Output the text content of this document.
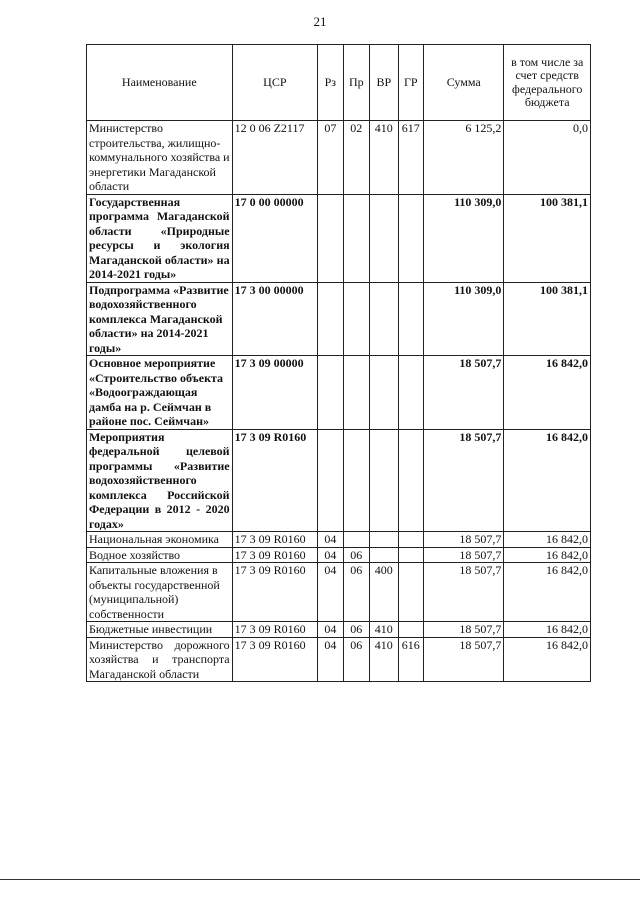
21
Наименование	ЦСР	Рз	Пр	ВР	ГР	Сумма	в том числе за счет средств федерального бюджета
Министерство строительства, жилищно-коммунального хозяйства и энергетики Магаданской области	12 0 06 Z2117	07	02	410	617	6 125,2	0,0
Государственная программа Магаданской области «Природные ресурсы и экология Магаданской области» на 2014-2021 годы»	17 0 00 00000					110 309,0	100 381,1
Подпрограмма «Развитие водохозяйственного комплекса Магаданской области» на 2014-2021 годы»	17 3 00 00000					110 309,0	100 381,1
Основное мероприятие «Строительство объекта «Водоограждающая дамба на р. Сеймчан в районе пос. Сеймчан»	17 3 09 00000					18 507,7	16 842,0
Мероприятия федеральной целевой программы «Развитие водохозяйственного комплекса Российской Федерации в 2012 - 2020 годах»	17 3 09 R0160					18 507,7	16 842,0
Национальная экономика	17 3 09 R0160	04				18 507,7	16 842,0
Водное хозяйство	17 3 09 R0160	04	06			18 507,7	16 842,0
Капитальные вложения в объекты государственной (муниципальной) собственности	17 3 09 R0160	04	06	400		18 507,7	16 842,0
Бюджетные инвестиции	17 3 09 R0160	04	06	410		18 507,7	16 842,0
Министерство дорожного хозяйства и транспорта Магаданской области	17 3 09 R0160	04	06	410	616	18 507,7	16 842,0
